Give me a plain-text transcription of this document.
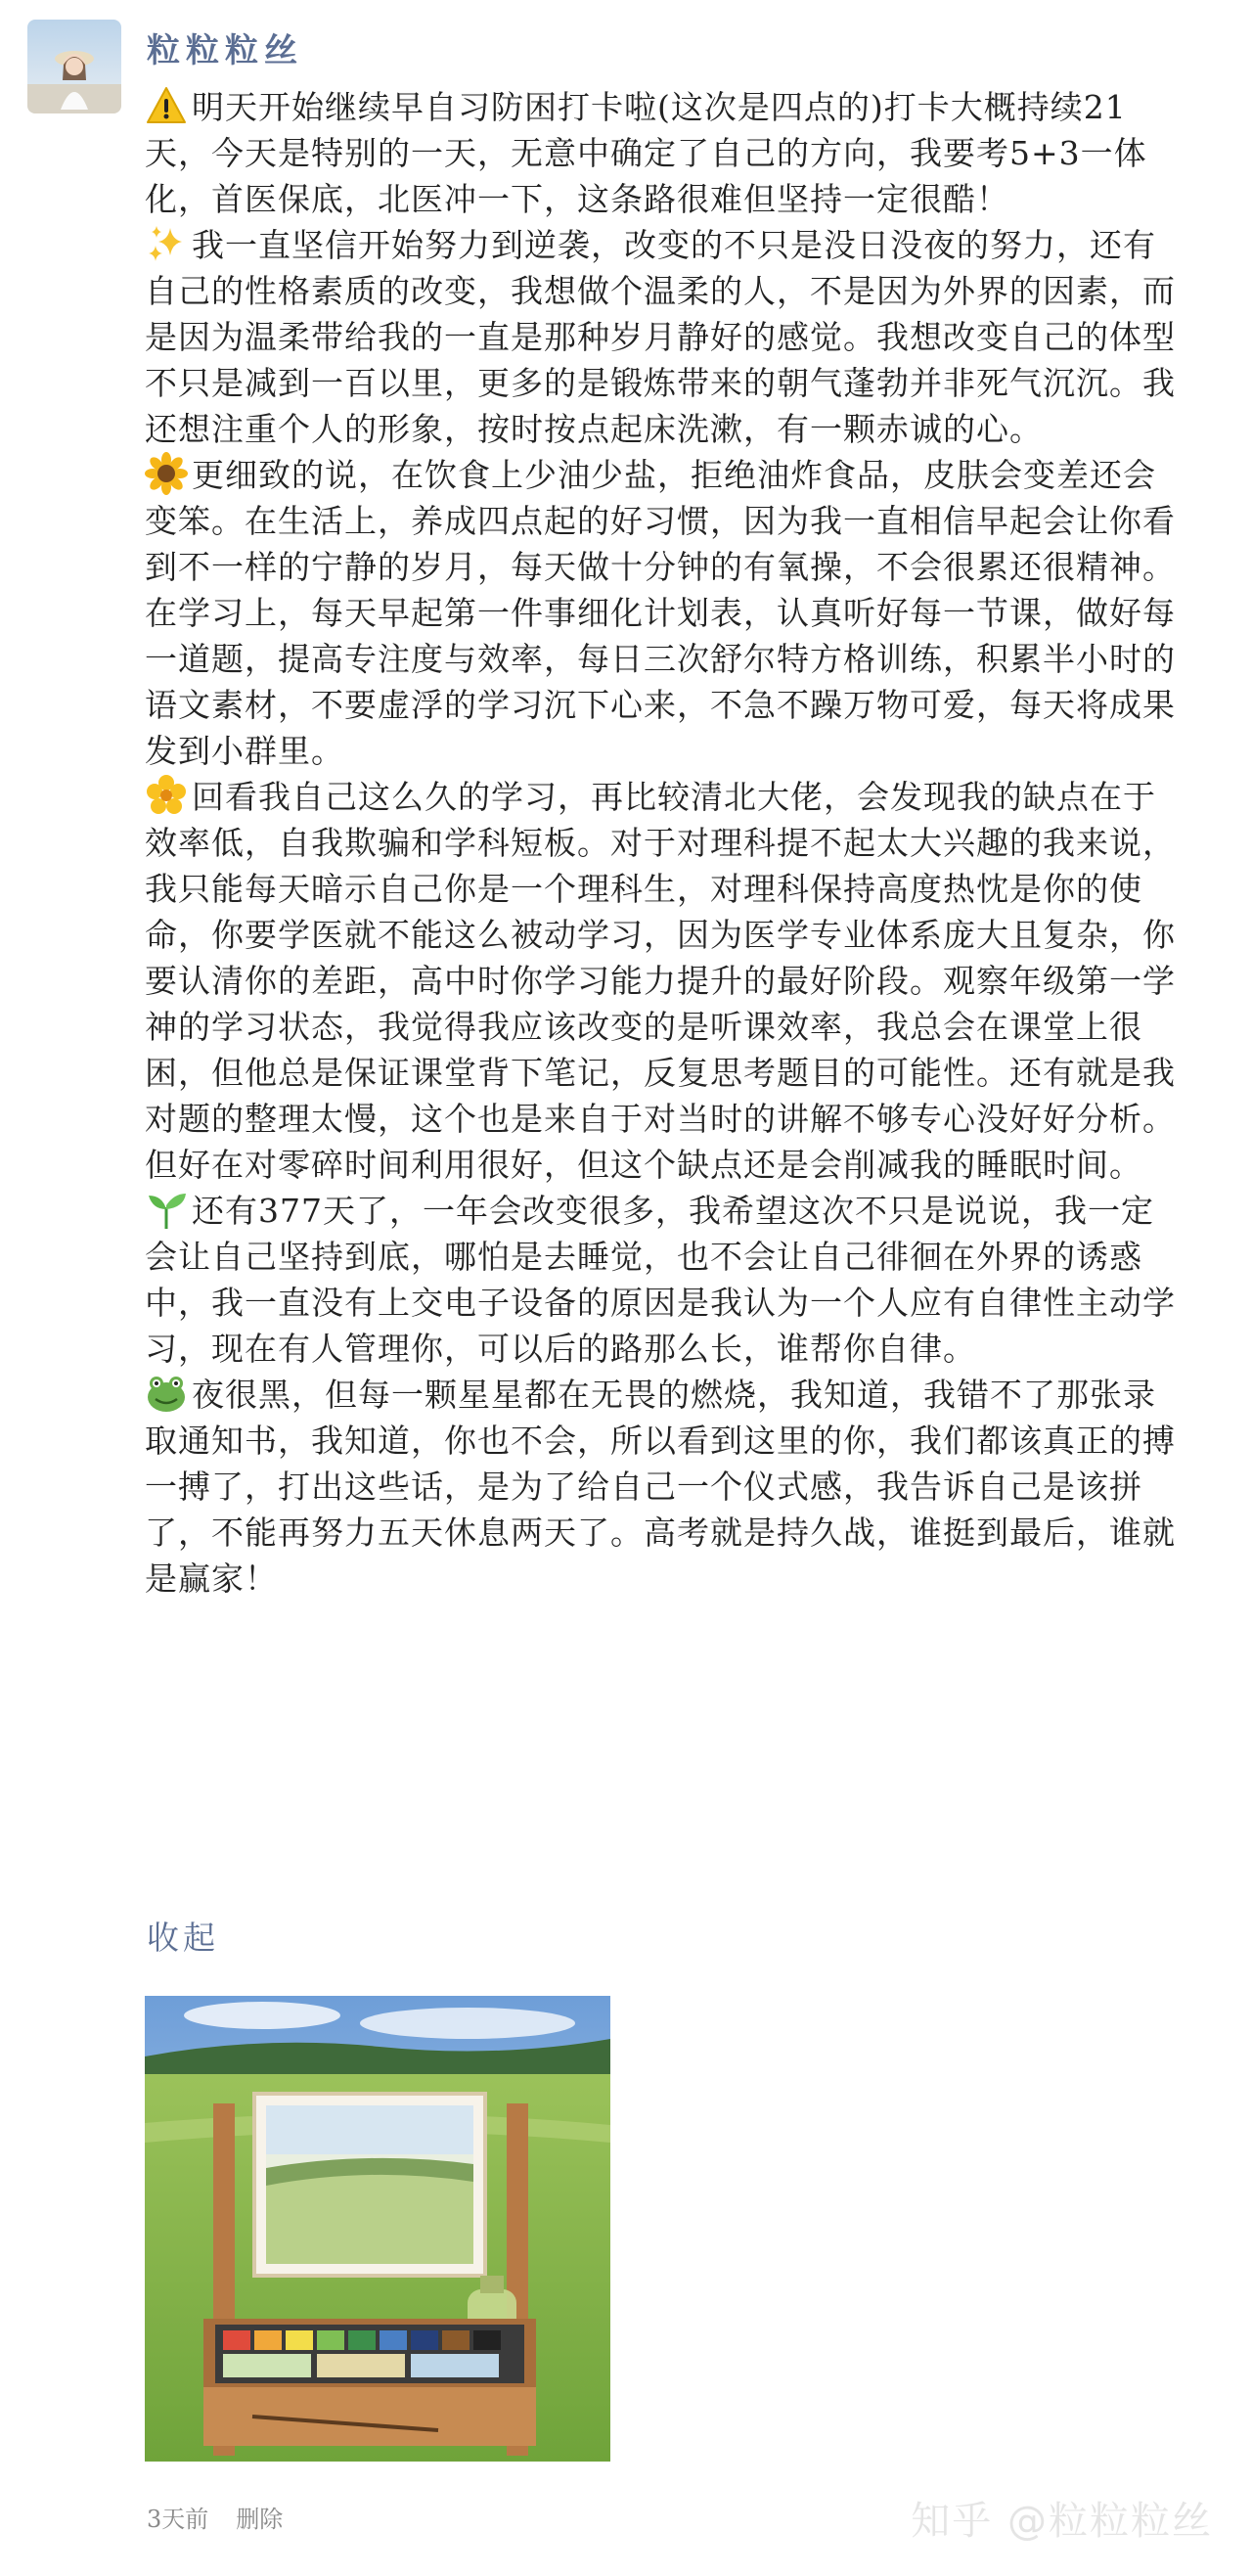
粒粒粒丝

明天开始继续早自习防困打卡啦(这次是四点的)打卡大概持续21天，今天是特别的一天，无意中确定了自己的方向，我要考5+3一体化，首医保底，北医冲一下，这条路很难但坚持一定很酷！

我一直坚信开始努力到逆袭，改变的不只是没日没夜的努力，还有自己的性格素质的改变，我想做个温柔的人，不是因为外界的因素，而是因为温柔带给我的一直是那种岁月静好的感觉。我想改变自己的体型不只是减到一百以里，更多的是锻炼带来的朝气蓬勃并非死气沉沉。我还想注重个人的形象，按时按点起床洗漱，有一颗赤诚的心。

更细致的说，在饮食上少油少盐，拒绝油炸食品，皮肤会变差还会变笨。在生活上，养成四点起的好习惯，因为我一直相信早起会让你看到不一样的宁静的岁月，每天做十分钟的有氧操，不会很累还很精神。在学习上，每天早起第一件事细化计划表，认真听好每一节课，做好每一道题，提高专注度与效率，每日三次舒尔特方格训练，积累半小时的语文素材，不要虚浮的学习沉下心来，不急不躁万物可爱，每天将成果发到小群里。

回看我自己这么久的学习，再比较清北大佬，会发现我的缺点在于效率低，自我欺骗和学科短板。对于对理科提不起太大兴趣的我来说，我只能每天暗示自己你是一个理科生，对理科保持高度热忱是你的使命，你要学医就不能这么被动学习，因为医学专业体系庞大且复杂，你要认清你的差距，高中时你学习能力提升的最好阶段。观察年级第一学神的学习状态，我觉得我应该改变的是听课效率，我总会在课堂上很困，但他总是保证课堂背下笔记，反复思考题目的可能性。还有就是我对题的整理太慢，这个也是来自于对当时的讲解不够专心没好好分析。但好在对零碎时间利用很好，但这个缺点还是会削减我的睡眠时间。

还有377天了，一年会改变很多，我希望这次不只是说说，我一定会让自己坚持到底，哪怕是去睡觉，也不会让自己徘徊在外界的诱惑中，我一直没有上交电子设备的原因是我认为一个人应有自律性主动学习，现在有人管理你，可以后的路那么长，谁帮你自律。

夜很黑，但每一颗星星都在无畏的燃烧，我知道，我错不了那张录取通知书，我知道，你也不会，所以看到这里的你，我们都该真正的搏一搏了，打出这些话，是为了给自己一个仪式感，我告诉自己是该拼了，不能再努力五天休息两天了。高考就是持久战，谁挺到最后，谁就是赢家！

收起
3天前 删除	知乎 @粒粒粒丝
